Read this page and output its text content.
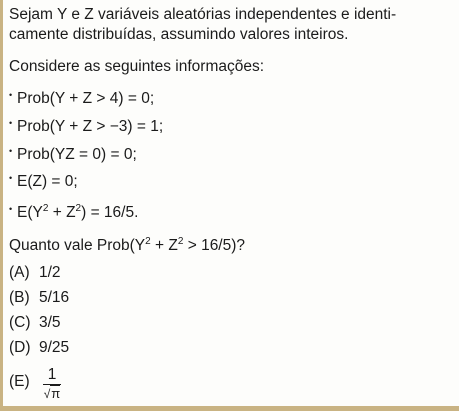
Sejam Y e Z variáveis aleatórias independentes e identi-
camente distribuídas, assumindo valores inteiros.
Considere as seguintes informações:
• Prob(Y + Z > 4) = 0;
• Prob(Y + Z > −3) = 1;
• Prob(YZ = 0) = 0;
• E(Z) = 0;
• $E(Y^2 + Z^2) = 16/5$.
Quanto vale $Prob(Y^2 + Z^2 > 16/5)$?
(A) 1/2
(B) 5/16
(C) 3/5
(D) 9/25
(E)	1
√π
